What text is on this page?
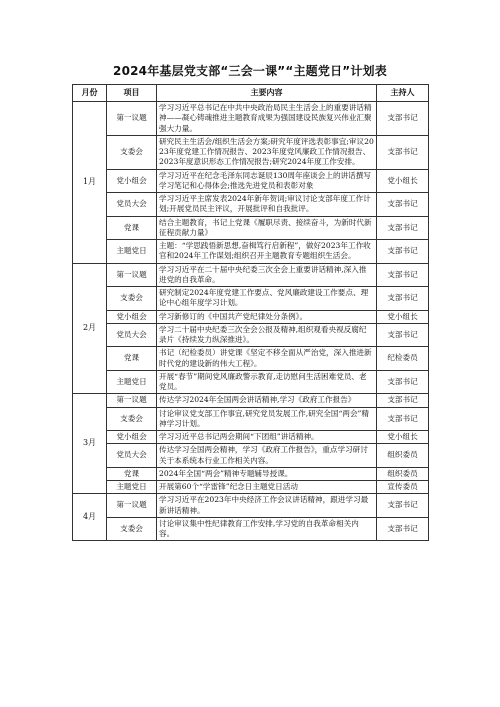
2024年基层党支部“三会一课”“主题党日”计划表
月份	项目	主要内容	主持人
1月	第一议题	学习习近平总书记在中共中央政治局民主生活会上的重要讲话精神——凝心铸魂推进主题教育成果为强国建设民族复兴伟业汇聚强大力量。	支部书记
	支委会	研究民主生活会/组织生活会方案;研究年度评选表彰事宜;审议2023年度党建工作情况报告、2023年度党风廉政工作情况报告、2023年度意识形态工作情况报告;研究2024年度工作安排。	支部书记
	党小组会	学习习近平在纪念毛泽东同志诞辰130周年座谈会上的讲话撰写学习笔记和心得体会;推选先进党员和表彰对象	党小组长
	党员大会	学习习近平主席发表2024年新年贺词;审议讨论支部年度工作计划;开展党员民主评议，开展批评和自我批评。	支部书记
	党课	结合主题教育，书记上党课《履职尽责、接续奋斗，为新时代新征程贡献力量》	支部书记
	主题党日	主题：“学思践悟新思想,奋楫笃行启新程”，做好2023年工作收官和2024年工作谋划;组织召开主题教育专题组织生活会。	支部书记
2月	第一议题	学习习近平在二十届中央纪委三次全会上重要讲话精神,深入推进党的自我革命。	支部书记
	支委会	研究制定2024年度党建工作要点、党风廉政建设工作要点、理论中心组年度学习计划。	支部书记
	党小组会	学习新修订的《中国共产党纪律处分条例》。	党小组长
	党员大会	学习二十届中央纪委三次全会公报及精神,组织观看央视反腐纪录片《持续发力纵深推进》。	支部书记
	党课	书记（纪检委员）讲党课《坚定不移全面从严治党，深入推进新时代党的建设新的伟大工程》。	纪检委员
	主题党日	开展“春节”期间党风廉政警示教育,走访慰问生活困难党员、老党员。	支部书记
3月	第一议题	传达学习2024年全国两会讲话精神,学习《政府工作报告》	支部书记
	支委会	讨论审议党支部工作事宜,研究党员发展工作,研究全国“两会”精神学习计划。	支部书记
	党小组会	学习习近平总书记两会期间“下团组”讲话精神。	党小组长
	党员大会	传达学习全国两会精神，学习《政府工作报告》，重点学习研讨关于本系统本行业工作相关内容。	组织委员
	党课	2024年全国“两会”精神专题辅导授课。	组织委员
	主题党日	开展第60个“学雷锋”纪念日主题党日活动	宣传委员
4月	第一议题	学习习近平在2023年中央经济工作会议讲话精神，跟进学习最新讲话精神。	支部书记
	支委会	讨论审议集中性纪律教育工作安排,学习党的自我革命相关内容。	支部书记
